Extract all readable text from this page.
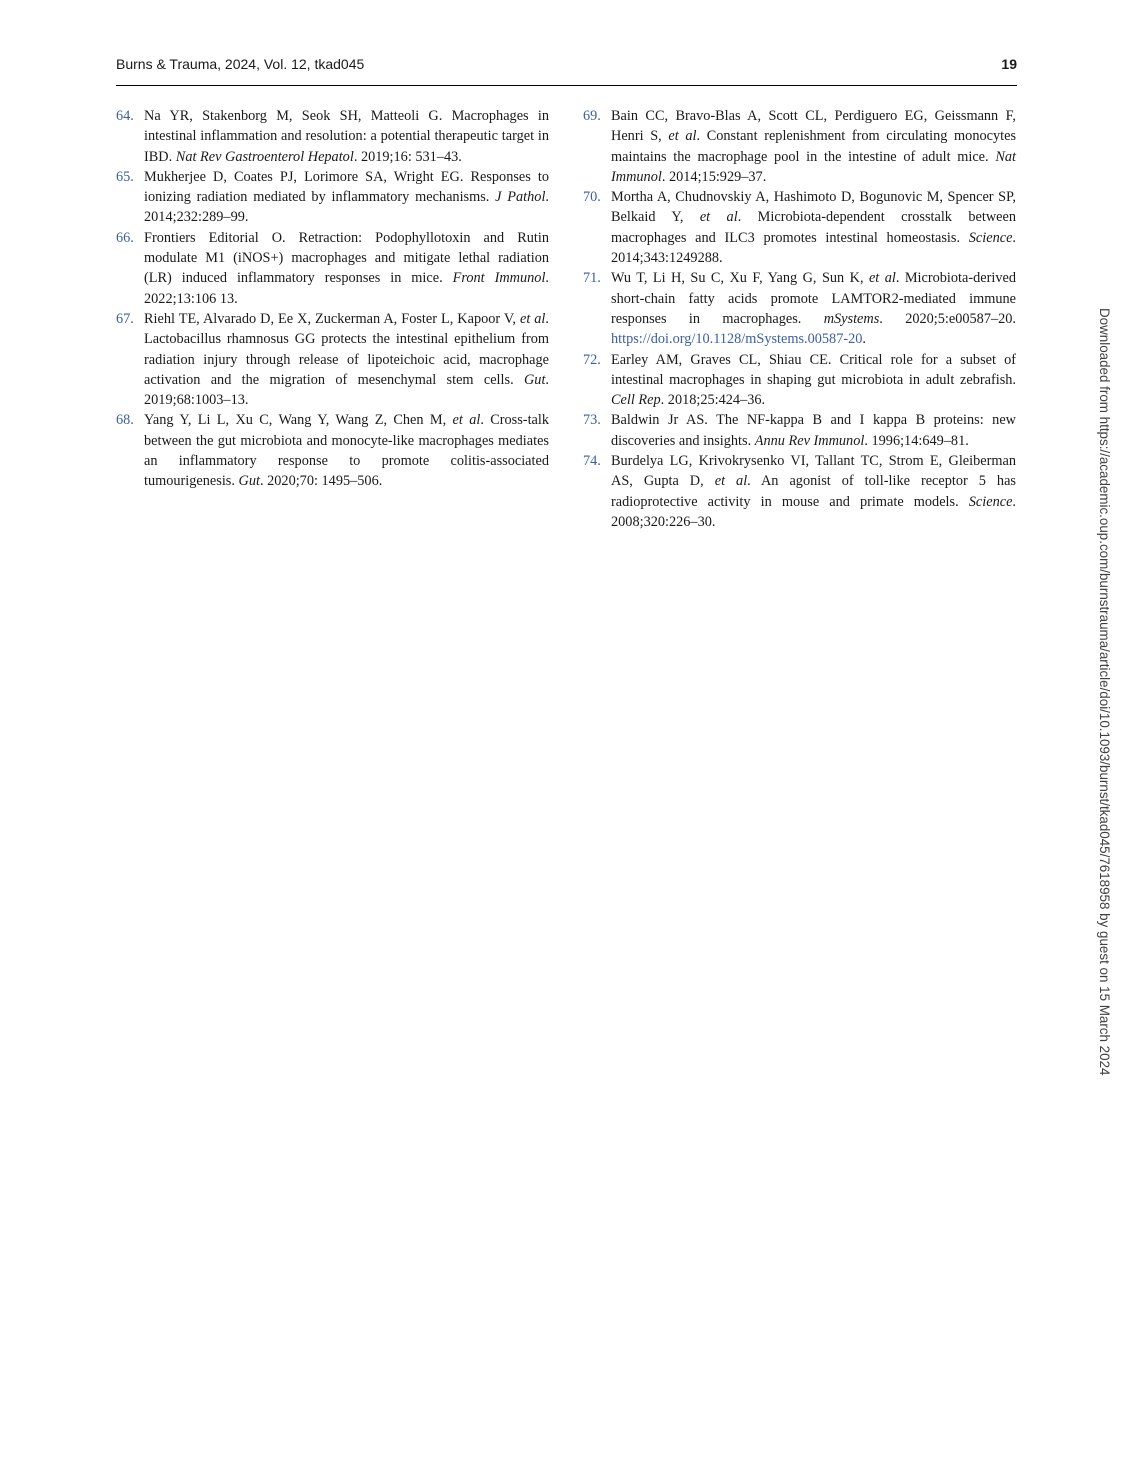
Burns & Trauma, 2024, Vol. 12, tkad045	19
64. Na YR, Stakenborg M, Seok SH, Matteoli G. Macrophages in intestinal inflammation and resolution: a potential therapeutic target in IBD. Nat Rev Gastroenterol Hepatol. 2019;16: 531–43.
65. Mukherjee D, Coates PJ, Lorimore SA, Wright EG. Responses to ionizing radiation mediated by inflammatory mechanisms. J Pathol. 2014;232:289–99.
66. Frontiers Editorial O. Retraction: Podophyllotoxin and Rutin modulate M1 (iNOS+) macrophages and mitigate lethal radiation (LR) induced inflammatory responses in mice. Front Immunol. 2022;13:106 13.
67. Riehl TE, Alvarado D, Ee X, Zuckerman A, Foster L, Kapoor V, et al. Lactobacillus rhamnosus GG protects the intestinal epithelium from radiation injury through release of lipoteichoic acid, macrophage activation and the migration of mesenchymal stem cells. Gut. 2019;68:1003–13.
68. Yang Y, Li L, Xu C, Wang Y, Wang Z, Chen M, et al. Cross-talk between the gut microbiota and monocyte-like macrophages mediates an inflammatory response to promote colitis-associated tumourigenesis. Gut. 2020;70: 1495–506.
69. Bain CC, Bravo-Blas A, Scott CL, Perdiguero EG, Geissmann F, Henri S, et al. Constant replenishment from circulating monocytes maintains the macrophage pool in the intestine of adult mice. Nat Immunol. 2014;15:929–37.
70. Mortha A, Chudnovskiy A, Hashimoto D, Bogunovic M, Spencer SP, Belkaid Y, et al. Microbiota-dependent crosstalk between macrophages and ILC3 promotes intestinal homeostasis. Science. 2014;343:1249288.
71. Wu T, Li H, Su C, Xu F, Yang G, Sun K, et al. Microbiota-derived short-chain fatty acids promote LAMTOR2-mediated immune responses in macrophages. mSystems. 2020;5:e00587–20. https://doi.org/10.1128/mSystems.00587-20.
72. Earley AM, Graves CL, Shiau CE. Critical role for a subset of intestinal macrophages in shaping gut microbiota in adult zebrafish. Cell Rep. 2018;25:424–36.
73. Baldwin Jr AS. The NF-kappa B and I kappa B proteins: new discoveries and insights. Annu Rev Immunol. 1996;14:649–81.
74. Burdelya LG, Krivokrysenko VI, Tallant TC, Strom E, Gleiberman AS, Gupta D, et al. An agonist of toll-like receptor 5 has radioprotective activity in mouse and primate models. Science. 2008;320:226–30.	Downloaded from https://academic.oup.com/burnstrauma/article/doi/10.1093/burnst/tkad045/7618958 by guest on 15 March 2024
